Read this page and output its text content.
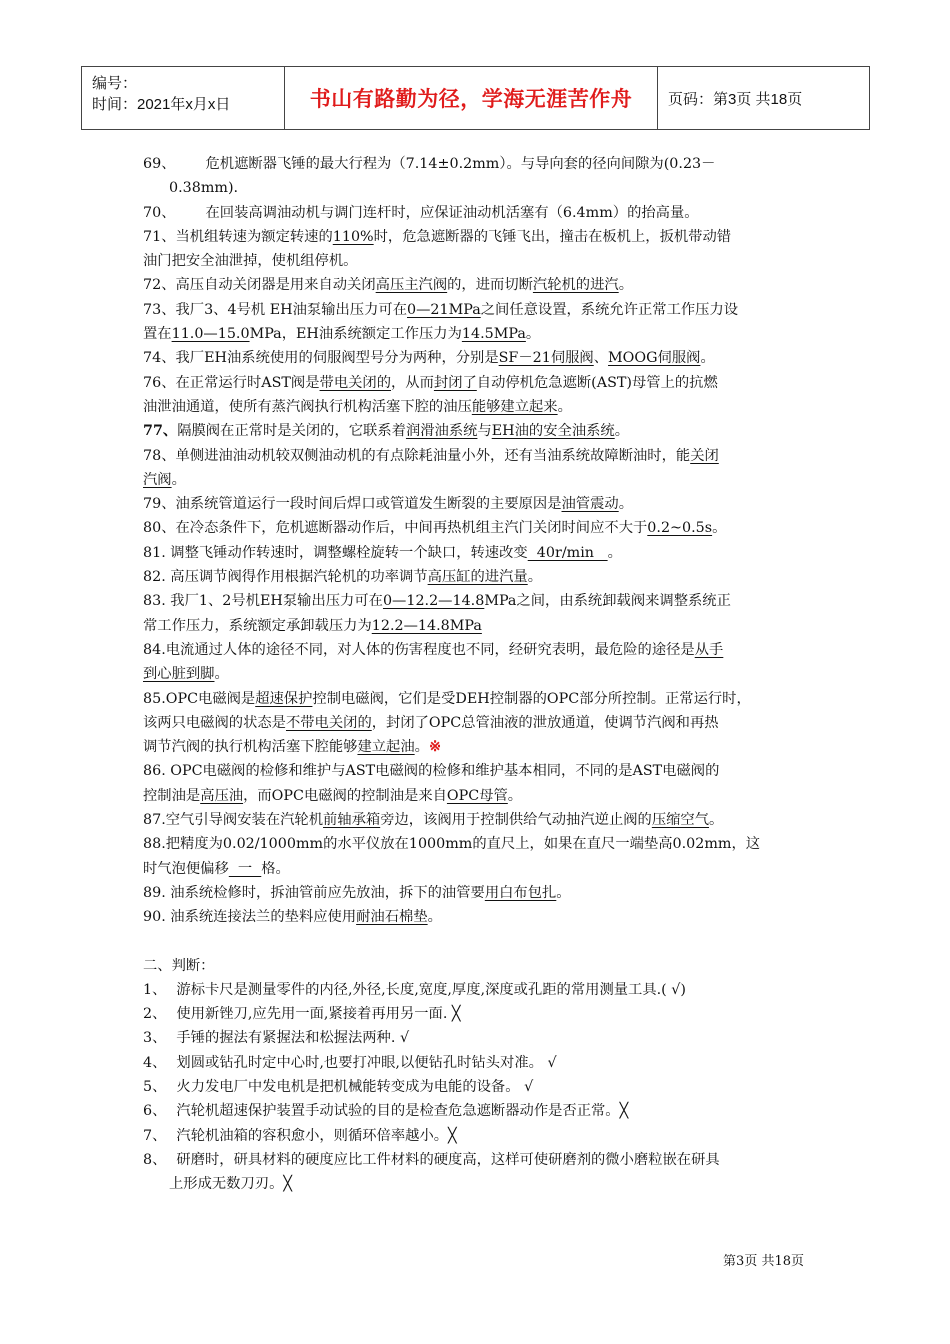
编号：
时间：2021年x月x日	书山有路勤为径，学海无涯苦作舟	页码：第3页 共18页

69、 危机遮断器飞锤的最大行程为（7.14±0.2mm）。与导向套的径向间隙为(0.23－

0.38mm).

70、 在回装高调油动机与调门连杆时，应保证油动机活塞有（6.4mm）的抬高量。

71、当机组转速为额定转速的110%时，危急遮断器的飞锤飞出，撞击在板机上，扳机带动错

油门把安全油泄掉，使机组停机。

72、高压自动关闭器是用来自动关闭高压主汽阀的，进而切断汽轮机的进汽。

73、我厂3、4号机 EH油泵输出压力可在0—21MPa之间任意设置，系统允许正常工作压力设

置在11.0—15.0MPa，EH油系统额定工作压力为14.5MPa。

74、我厂EH油系统使用的伺服阀型号分为两种，分别是SF－21伺服阀、MOOG伺服阀。

76、在正常运行时AST阀是带电关闭的，从而封闭了自动停机危急遮断(AST)母管上的抗燃

油泄油通道，使所有蒸汽阀执行机构活塞下腔的油压能够建立起来。

77、隔膜阀在正常时是关闭的，它联系着润滑油系统与EH油的安全油系统。

78、单侧进油油动机较双侧油动机的有点除耗油量小外，还有当油系统故障断油时，能关闭

汽阀。

79、油系统管道运行一段时间后焊口或管道发生断裂的主要原因是油管震动。

80、在冷态条件下，危机遮断器动作后，中间再热机组主汽门关闭时间应不大于0.2~0.5s。

81. 调整飞锤动作转速时，调整螺栓旋转一个缺口，转速改变  40r/min   。

82. 高压调节阀得作用根据汽轮机的功率调节高压缸的进汽量。

83. 我厂1、2号机EH泵输出压力可在0—12.2—14.8MPa之间，由系统卸载阀来调整系统正

常工作压力，系统额定承卸载压力为12.2—14.8MPa

84.电流通过人体的途径不同，对人体的伤害程度也不同，经研究表明，最危险的途径是从手

到心脏到脚。

85.OPC电磁阀是超速保护控制电磁阀，它们是受DEH控制器的OPC部分所控制。正常运行时，

该两只电磁阀的状态是不带电关闭的，封闭了OPC总管油液的泄放通道，使调节汽阀和再热

调节汽阀的执行机构活塞下腔能够建立起油。※

86. OPC电磁阀的检修和维护与AST电磁阀的检修和维护基本相同，不同的是AST电磁阀的

控制油是高压油，而OPC电磁阀的控制油是来自OPC母管。

87.空气引导阀安装在汽轮机前轴承箱旁边，该阀用于控制供给气动抽汽逆止阀的压缩空气。

88.把精度为0.02/1000mm的水平仪放在1000mm的直尺上，如果在直尺一端垫高0.02mm，这

时气泡便偏移  一  格。

89. 油系统检修时，拆油管前应先放油，拆下的油管要用白布包扎。

90. 油系统连接法兰的垫料应使用耐油石棉垫。

二、判断：

1、 游标卡尺是测量零件的内径,外径,长度,宽度,厚度,深度或孔距的常用测量工具.( √)

2、 使用新锉刀,应先用一面,紧接着再用另一面. ╳

3、 手锤的握法有紧握法和松握法两种. √

4、 划圆或钻孔时定中心时,也要打冲眼,以便钻孔时钻头对准。 √

5、 火力发电厂中发电机是把机械能转变成为电能的设备。 √

6、 汽轮机超速保护装置手动试验的目的是检查危急遮断器动作是否正常。╳

7、 汽轮机油箱的容积愈小，则循环倍率越小。╳

8、 研磨时，研具材料的硬度应比工件材料的硬度高，这样可使研磨剂的微小磨粒嵌在研具

上形成无数刀刃。╳

第3页 共18页
